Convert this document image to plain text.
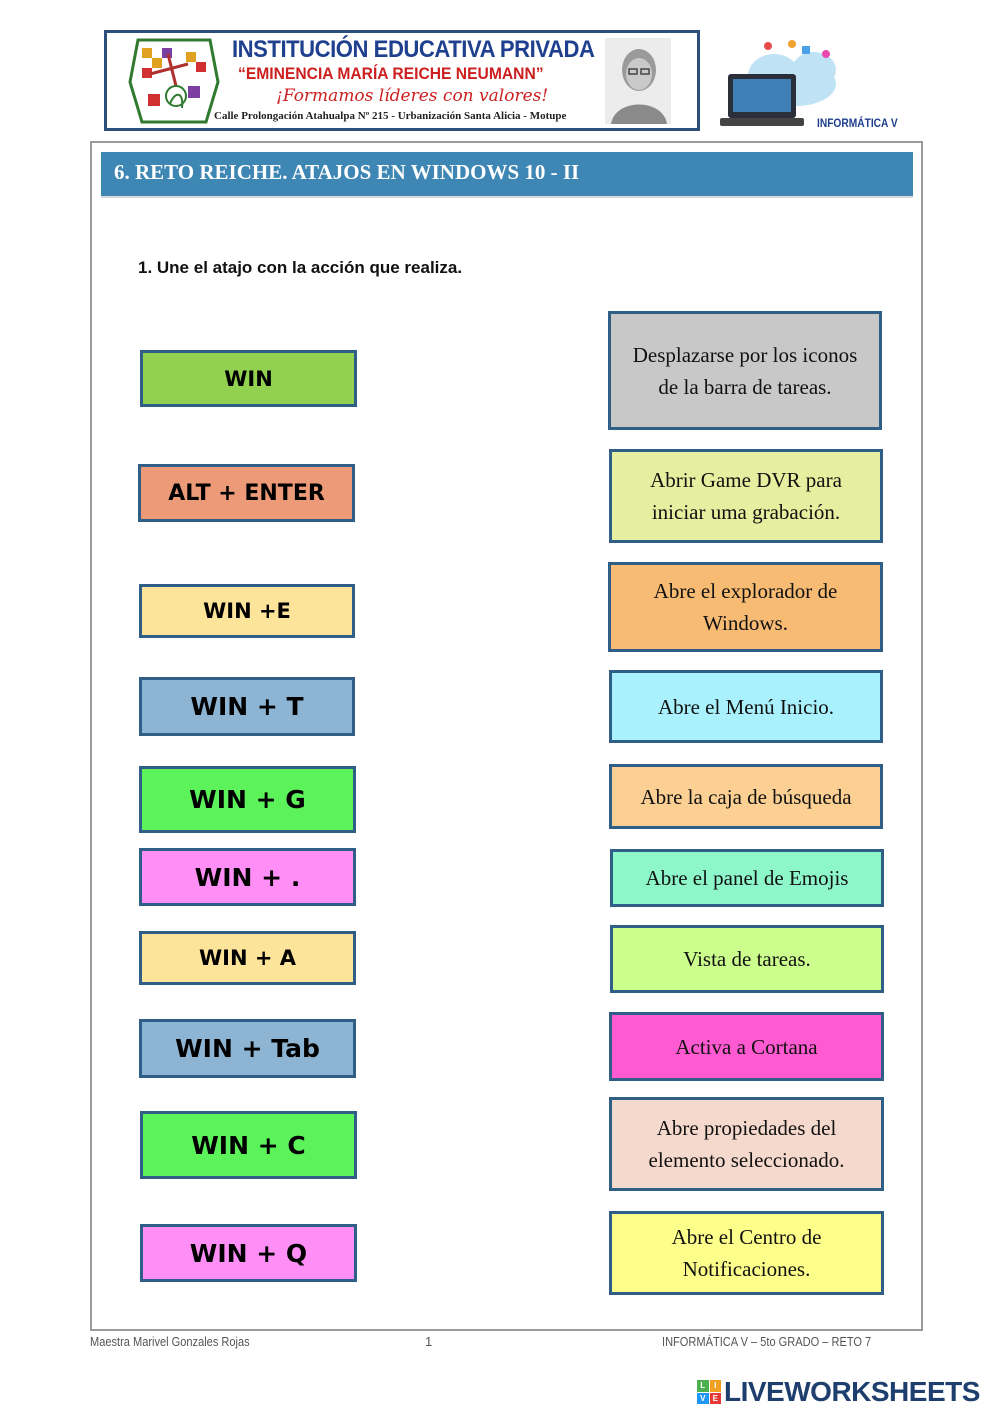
INSTITUCIÓN EDUCATIVA PRIVADA
“EMINENCIA MARÍA REICHE NEUMANN”
¡Formamos líderes con valores!
Calle Prolongación Atahualpa Nº 215 - Urbanización Santa Alicia - Motupe	INFORMÁTICA V
6. RETO REICHE. ATAJOS EN WINDOWS 10 - II
1. Une el atajo con la acción que realiza.
WIN
ALT + ENTER
WIN +E
WIN + T
WIN + G
WIN + .
WIN + A
WIN + Tab
WIN + C
WIN + Q
Desplazarse por los iconos de la barra de tareas.
Abrir Game DVR para iniciar uma grabación.
Abre el explorador de Windows.
Abre el Menú Inicio.
Abre la caja de búsqueda
Abre el panel de Emojis
Vista de tareas.
Activa a Cortana
Abre propiedades del elemento seleccionado.
Abre el Centro de Notificaciones.
Maestra Marivel Gonzales Rojas	1	INFORMÁTICA V – 5to GRADO – RETO 7
L	I
V E LIVEWORKSHEETS
